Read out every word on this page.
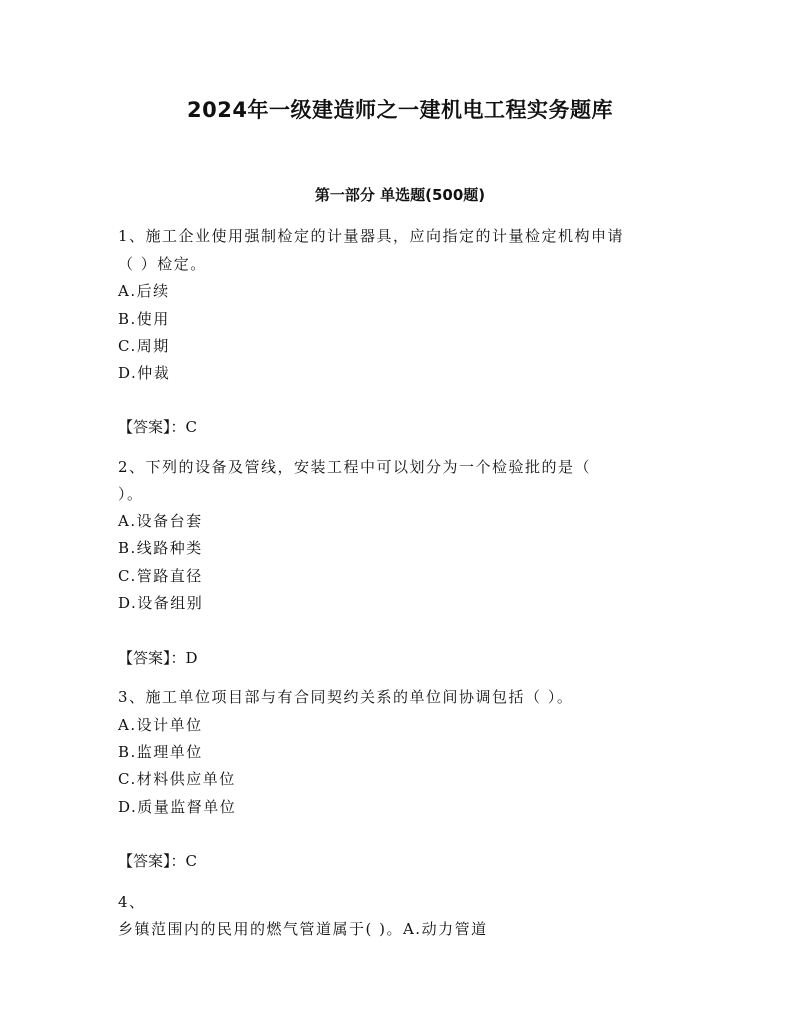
2024年一级建造师之一建机电工程实务题库
第一部分 单选题(500题)
1、施工企业使用强制检定的计量器具，应向指定的计量检定机构申请
（ ）检定。
A.后续
B.使用
C.周期
D.仲裁
【答案】：C
2、下列的设备及管线，安装工程中可以划分为一个检验批的是（
）。
A.设备台套
B.线路种类
C.管路直径
D.设备组别
【答案】：D
3、施工单位项目部与有合同契约关系的单位间协调包括（ ）。
A.设计单位
B.监理单位
C.材料供应单位
D.质量监督单位
【答案】：C
4、
乡镇范围内的民用的燃气管道属于( )。A.动力管道
